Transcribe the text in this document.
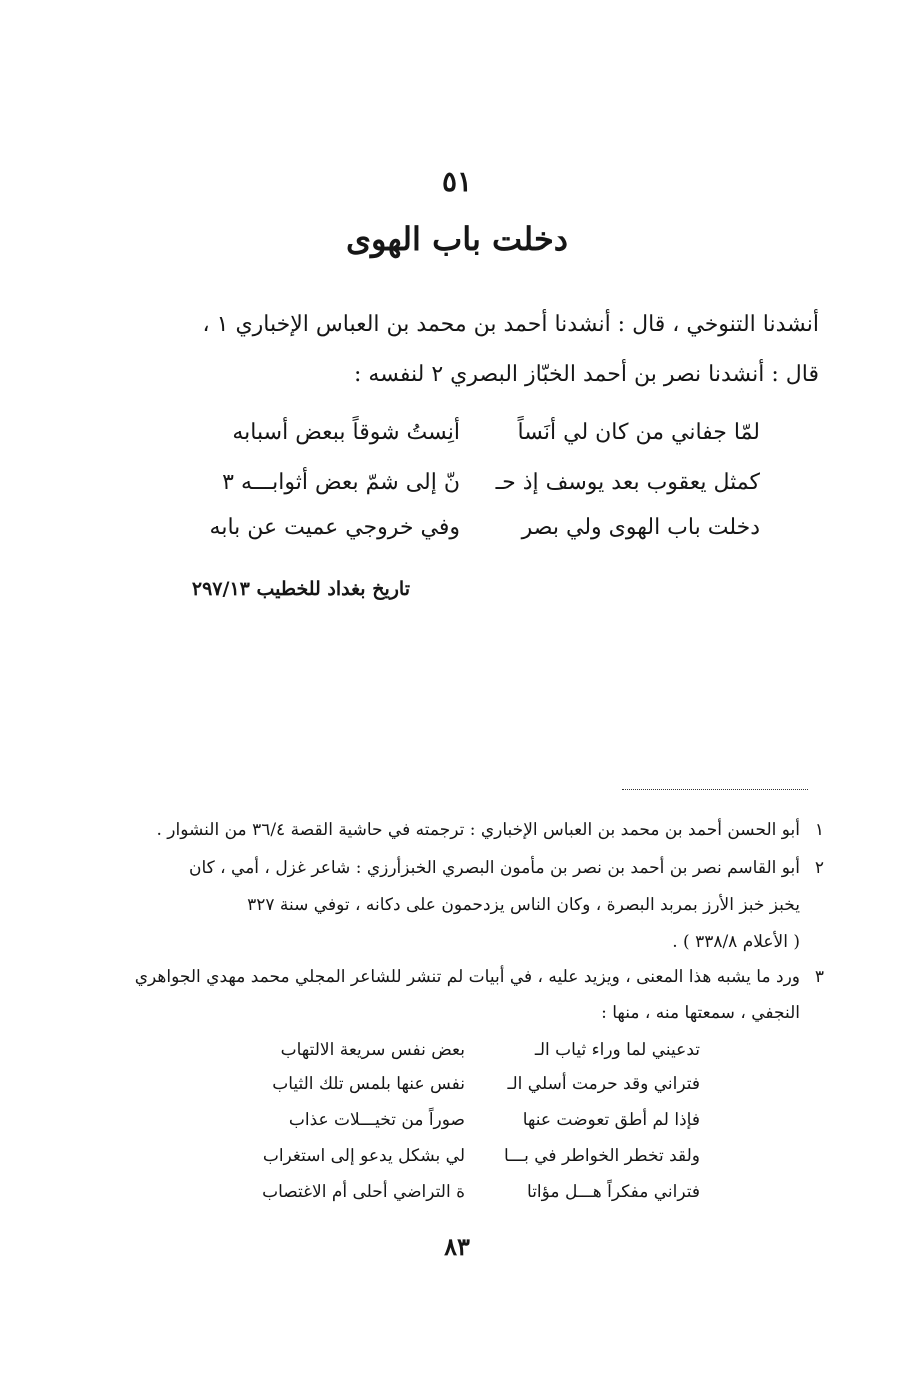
٥١
دخلت باب الهوى
أنشدنا التنوخي ، قال : أنشدنا أحمد بن محمد بن العباس الإخباري ١ ،
قال : أنشدنا نصر بن أحمد الخبّاز البصري ٢ لنفسه :
لمّا جفاني من كان لي أنَساً
أنِستُ شوقاً ببعض أسبابه
كمثل يعقوب بعد يوسف إذ حـ
نّ إلى شمّ بعض أثوابـــه ٣
دخلت باب الهوى ولي بصر
وفي خروجي عميت عن بابه
تاريخ بغداد للخطيب ٢٩٧/١٣
١
أبو الحسن أحمد بن محمد بن العباس الإخباري : ترجمته في حاشية القصة ٣٦/٤ من النشوار .
٢
أبو القاسم نصر بن أحمد بن نصر بن مأمون البصري الخبزأرزي : شاعر غزل ، أمي ، كان
يخبز خبز الأرز بمربد البصرة ، وكان الناس يزدحمون على دكانه ، توفي سنة ٣٢٧
( الأعلام ٣٣٨/٨ ) .
٣
ورد ما يشبه هذا المعنى ، ويزيد عليه ، في أبيات لم تنشر للشاعر المجلي محمد مهدي الجواهري
النجفي ، سمعتها منه ، منها :
تدعيني لما وراء ثياب الـ
بعض نفس سريعة الالتهاب
فتراني وقد حرمت أسلي الـ
نفس عنها بلمس تلك الثياب
فإذا لم أطق تعوضت عنها
صوراً من تخيـــلات عذاب
ولقد تخطر الخواطر في بـــا
لي بشكل يدعو إلى استغراب
فتراني مفكراً هـــل مؤاتا
ة التراضي أحلى أم الاغتصاب
٨٣
